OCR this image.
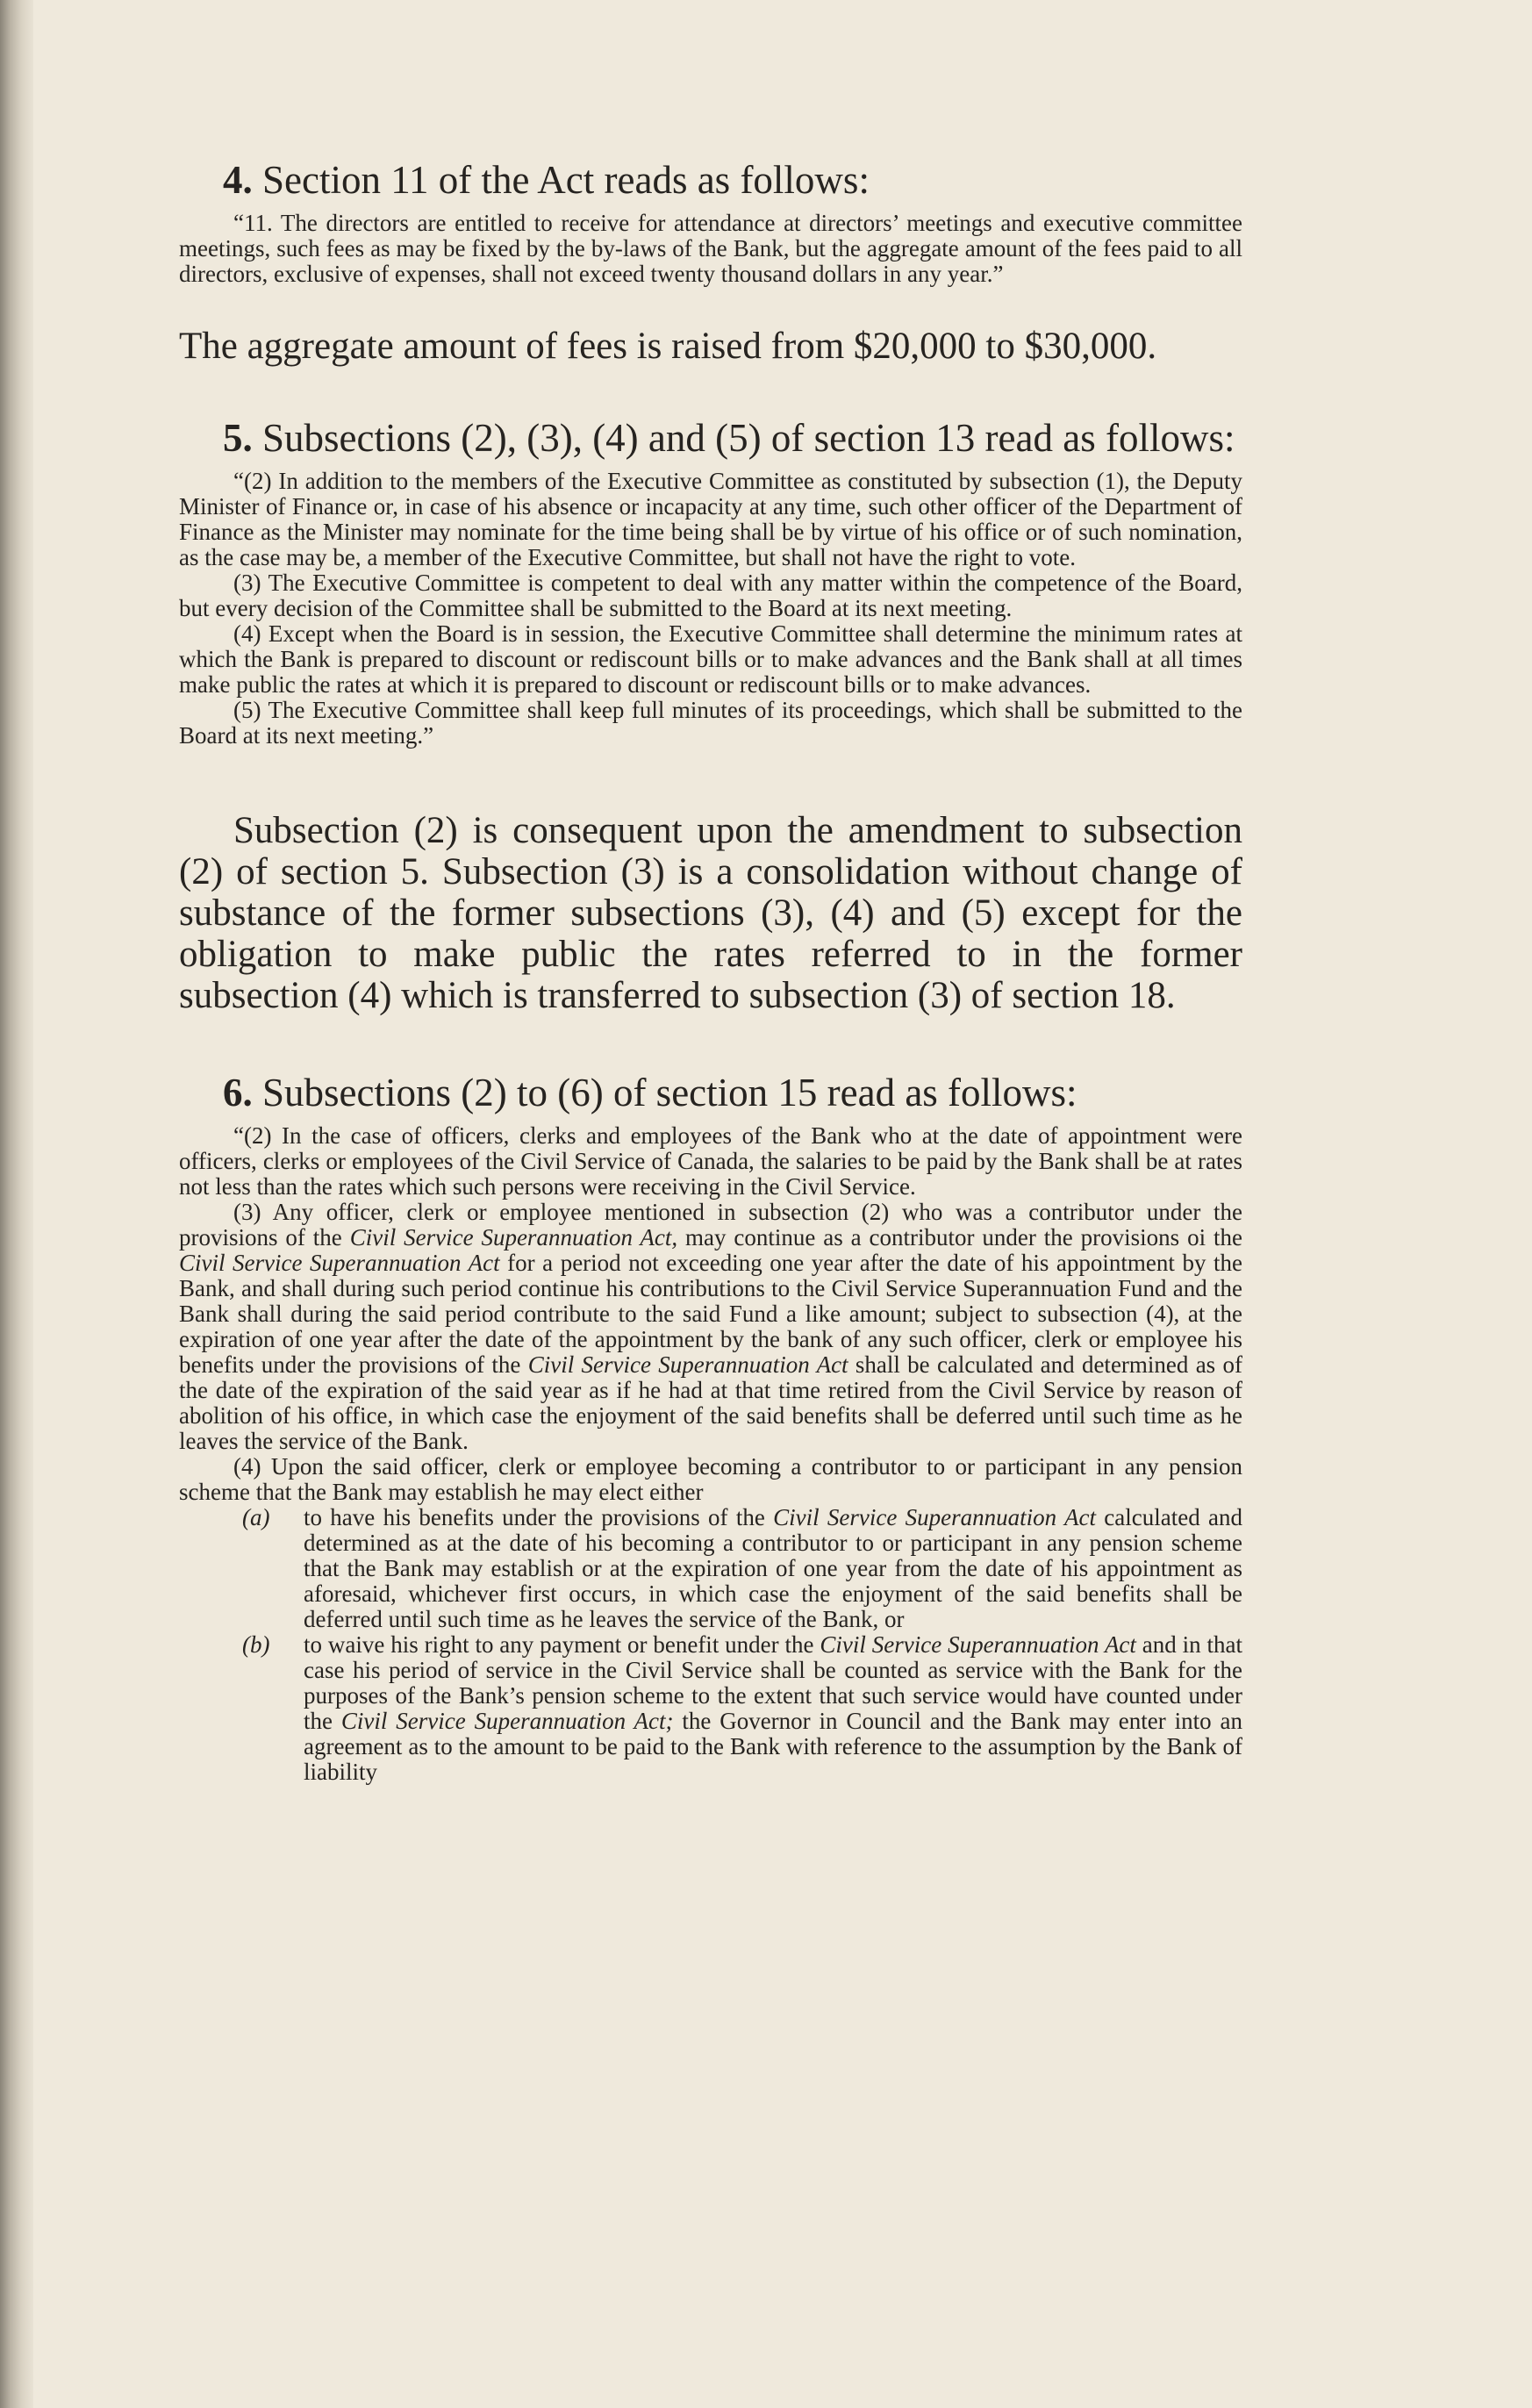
4. Section 11 of the Act reads as follows:

“11. The directors are entitled to receive for attendance at directors’ meetings and executive committee meetings, such fees as may be fixed by the by-laws of the Bank, but the aggregate amount of the fees paid to all directors, exclusive of expenses, shall not exceed twenty thousand dollars in any year.”

The aggregate amount of fees is raised from $20,000 to $30,000.

5. Subsections (2), (3), (4) and (5) of section 13 read as follows:

“(2) In addition to the members of the Executive Committee as constituted by subsection (1), the Deputy Minister of Finance or, in case of his absence or incapacity at any time, such other officer of the Department of Finance as the Minister may nominate for the time being shall be by virtue of his office or of such nomination, as the case may be, a member of the Executive Committee, but shall not have the right to vote.

(3) The Executive Committee is competent to deal with any matter within the competence of the Board, but every decision of the Committee shall be submitted to the Board at its next meeting.

(4) Except when the Board is in session, the Executive Committee shall determine the minimum rates at which the Bank is prepared to discount or rediscount bills or to make advances and the Bank shall at all times make public the rates at which it is prepared to discount or rediscount bills or to make advances.

(5) The Executive Committee shall keep full minutes of its proceedings, which shall be submitted to the Board at its next meeting.”

Subsection (2) is consequent upon the amendment to subsection (2) of section 5. Subsection (3) is a consolidation without change of substance of the former subsections (3), (4) and (5) except for the obligation to make public the rates referred to in the former subsection (4) which is transferred to subsection (3) of section 18.

6. Subsections (2) to (6) of section 15 read as follows:

“(2) In the case of officers, clerks and employees of the Bank who at the date of appointment were officers, clerks or employees of the Civil Service of Canada, the salaries to be paid by the Bank shall be at rates not less than the rates which such persons were receiving in the Civil Service.

(3) Any officer, clerk or employee mentioned in subsection (2) who was a contributor under the provisions of the Civil Service Superannuation Act, may continue as a contributor under the provisions oi the Civil Service Superannuation Act for a period not exceeding one year after the date of his appointment by the Bank, and shall during such period continue his contributions to the Civil Service Superannuation Fund and the Bank shall during the said period contribute to the said Fund a like amount; subject to subsection (4), at the expiration of one year after the date of the appointment by the bank of any such officer, clerk or employee his benefits under the provisions of the Civil Service Superannuation Act shall be calculated and determined as of the date of the expiration of the said year as if he had at that time retired from the Civil Service by reason of abolition of his office, in which case the enjoyment of the said benefits shall be deferred until such time as he leaves the service of the Bank.

(4) Upon the said officer, clerk or employee becoming a contributor to or participant in any pension scheme that the Bank may establish he may elect either

(a)	to have his benefits under the provisions of the Civil Service Superannuation Act calculated and determined as at the date of his becoming a contributor to or participant in any pension scheme that the Bank may establish or at the expiration of one year from the date of his appointment as aforesaid, whichever first occurs, in which case the enjoyment of the said benefits shall be deferred until such time as he leaves the service of the Bank, or
(b)	to waive his right to any payment or benefit under the Civil Service Superannuation Act and in that case his period of service in the Civil Service shall be counted as service with the Bank for the purposes of the Bank’s pension scheme to the extent that such service would have counted under the Civil Service Superannuation Act; the Governor in Council and the Bank may enter into an agreement as to the amount to be paid to the Bank with reference to the assumption by the Bank of liability
